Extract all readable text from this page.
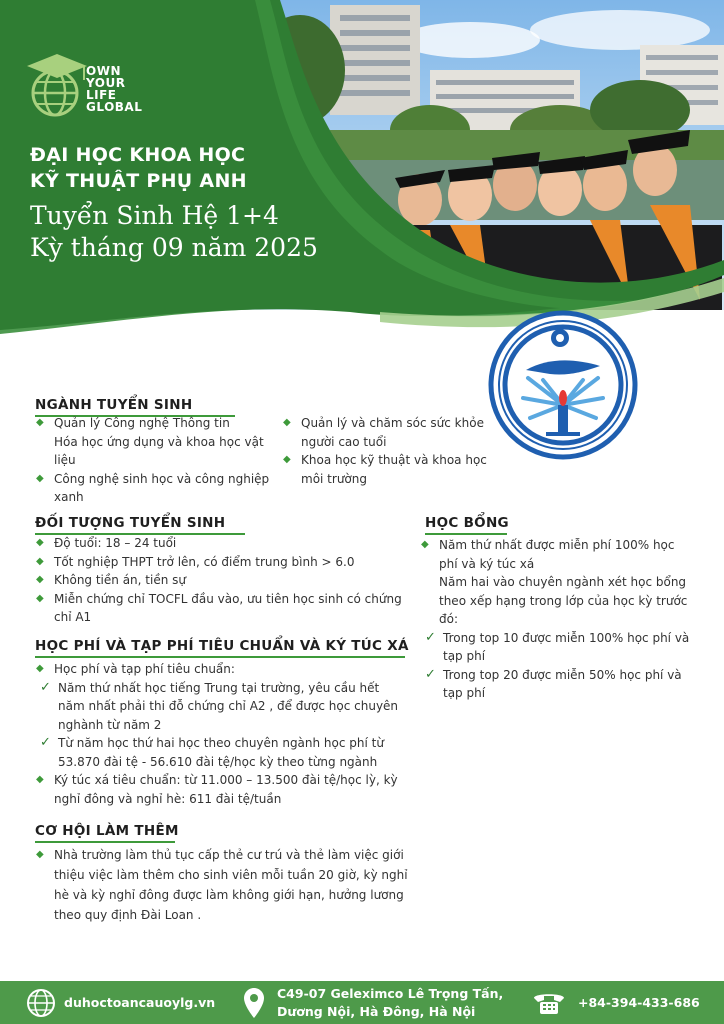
OWN
YOUR
LIFE
GLOBAL
ĐẠI HỌC KHOA HỌC
KỸ THUẬT PHỤ ANH
Tuyển Sinh Hệ 1+4
Kỳ tháng 09 năm 2025
NGÀNH TUYỂN SINH
◆ Quản lý Công nghệ Thông tin
Hóa học ứng dụng và khoa học vật liệu
◆ Công nghệ sinh học và công nghiệp xanh
◆ Quản lý và chăm sóc sức khỏe người cao tuổi
◆ Khoa học kỹ thuật và khoa học môi trường
ĐỐI TƯỢNG TUYỂN SINH
◆ Độ tuổi: 18 – 24 tuổi
◆ Tốt nghiệp THPT trở lên, có điểm trung bình > 6.0
◆ Không tiền án, tiền sự
◆ Miễn chứng chỉ TOCFL đầu vào, ưu tiên học sinh có chứng chỉ A1
HỌC PHÍ VÀ TẠP PHÍ TIÊU CHUẨN VÀ KÝ TÚC XÁ
◆ Học phí và tạp phí tiêu chuẩn:
✓ Năm thứ nhất học tiếng Trung tại trường, yêu cầu hết năm nhất phải thi đỗ chứng chỉ A2 , để được học chuyên nghành từ năm 2
✓ Từ năm học thứ hai học theo chuyên ngành học phí từ 53.870 đài tệ - 56.610 đài tệ/học kỳ theo từng ngành
◆ Ký túc xá tiêu chuẩn: từ 11.000 – 13.500 đài tệ/học lỳ, kỳ nghỉ đông và nghỉ hè: 611 đài tệ/tuần
CƠ HỘI LÀM THÊM
◆ Nhà trường làm thủ tục cấp thẻ cư trú và thẻ làm việc giới thiệu việc làm thêm cho sinh viên mỗi tuần 20 giờ, kỳ nghỉ hè và kỳ nghỉ đông được làm không giới hạn, hưởng lương theo quy định Đài Loan .
HỌC BỔNG
◆ Năm thứ nhất được miễn phí 100% học phí và ký túc xá
Năm hai vào chuyên ngành xét học bổng theo xếp hạng trong lớp của học kỳ trước đó:
✓ Trong top 10 được miễn 100% học phí và tạp phí
✓ Trong top 20 được miễn 50% học phí và tạp phí
duhoctoancauoylg.vn
C49-07 Geleximco Lê Trọng Tấn,
Dương Nội, Hà Đông, Hà Nội
+84-394-433-686
